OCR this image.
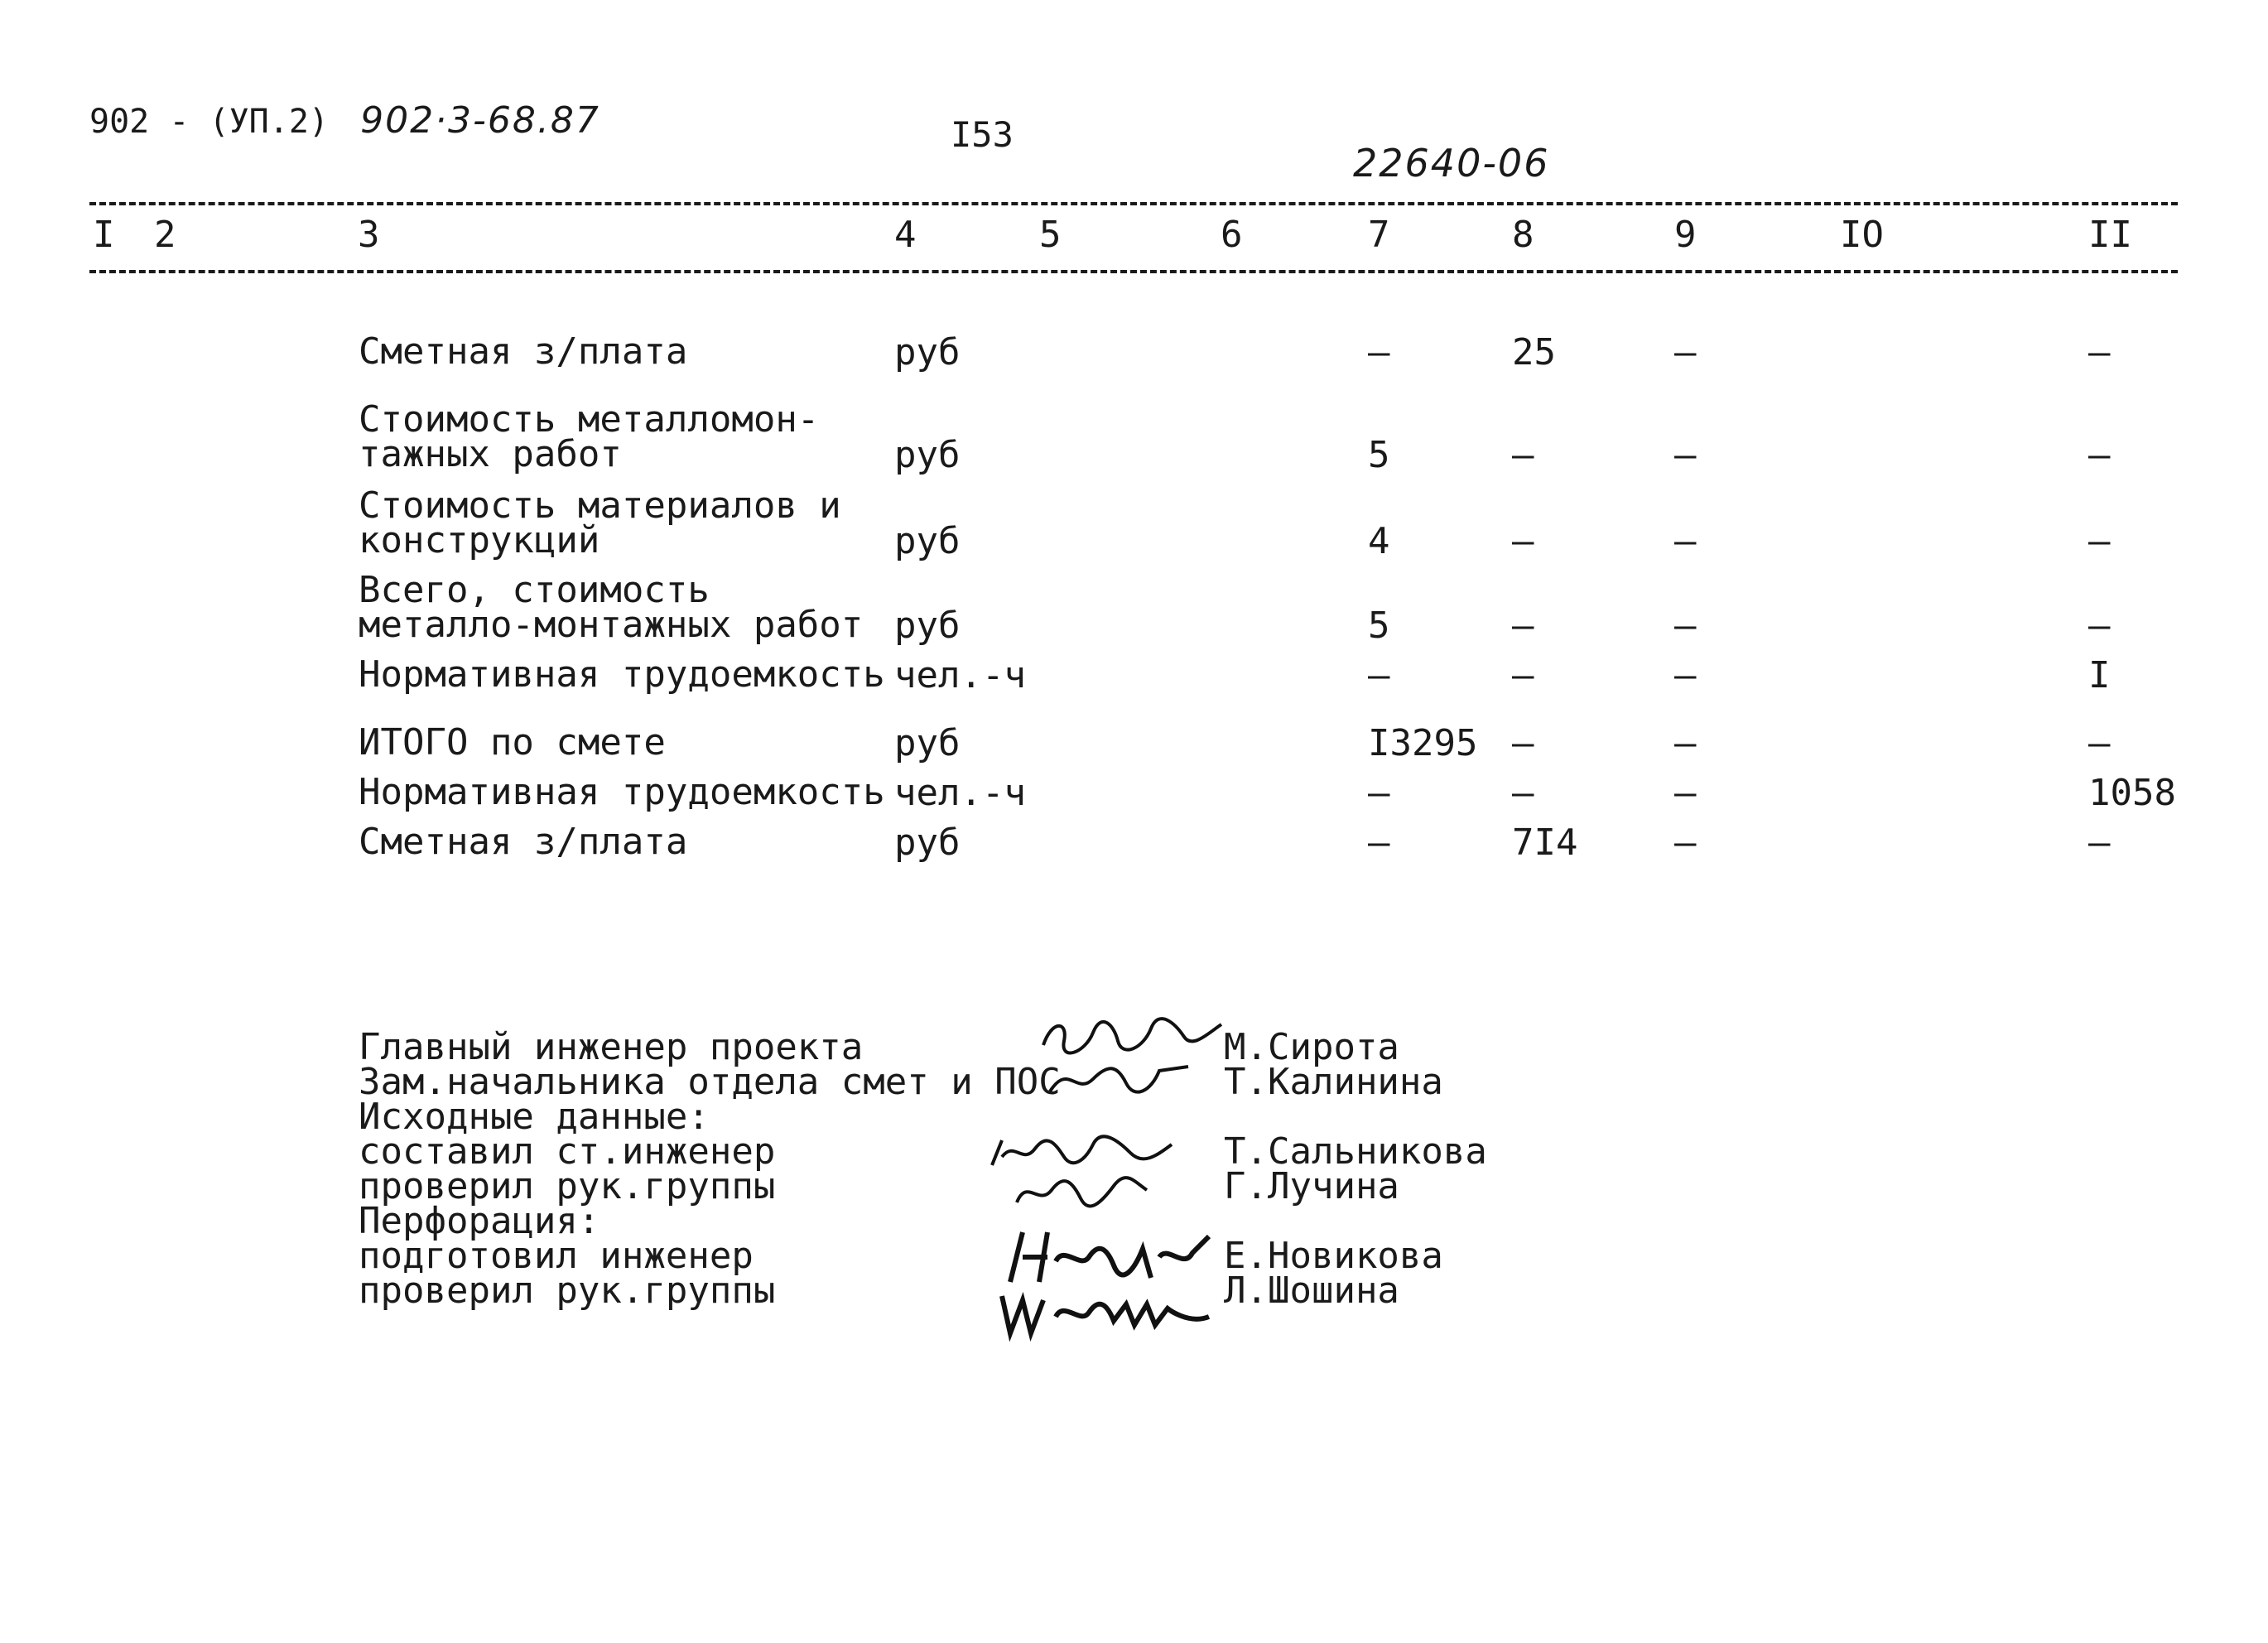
902 - (УП.2) 902·3-68.87	I53
22640-06
I 2	3	4	5	6	7	8	9	IO	II
Сметная з/плата	руб	–	25	–	–
Стоимость металломон-тажных работ	руб	5	–	–	–
Стоимость материалов и конструкций	руб	4	–	–	–
Всего, стоимость металло-монтажных работ руб	5	–	–	–
Нормативная трудоемкость чел.-ч	–	–	–	I
ИТОГО по смете	руб	I3295 –	–	–
Нормативная трудоемкость чел.-ч	–	–	–	1058
Сметная з/плата	руб	–	7I4	–	–
Главный инженер проекта
Зам.начальника отдела смет и ПОС
Исходные данные:
составил ст.инженер
проверил рук.группы
Перфорация:
подготовил инженер
проверил рук.группы
М.Сирота
Т.Калинина
Т.Сальникова
Г.Лучина
Е.Новикова
Л.Шошина
